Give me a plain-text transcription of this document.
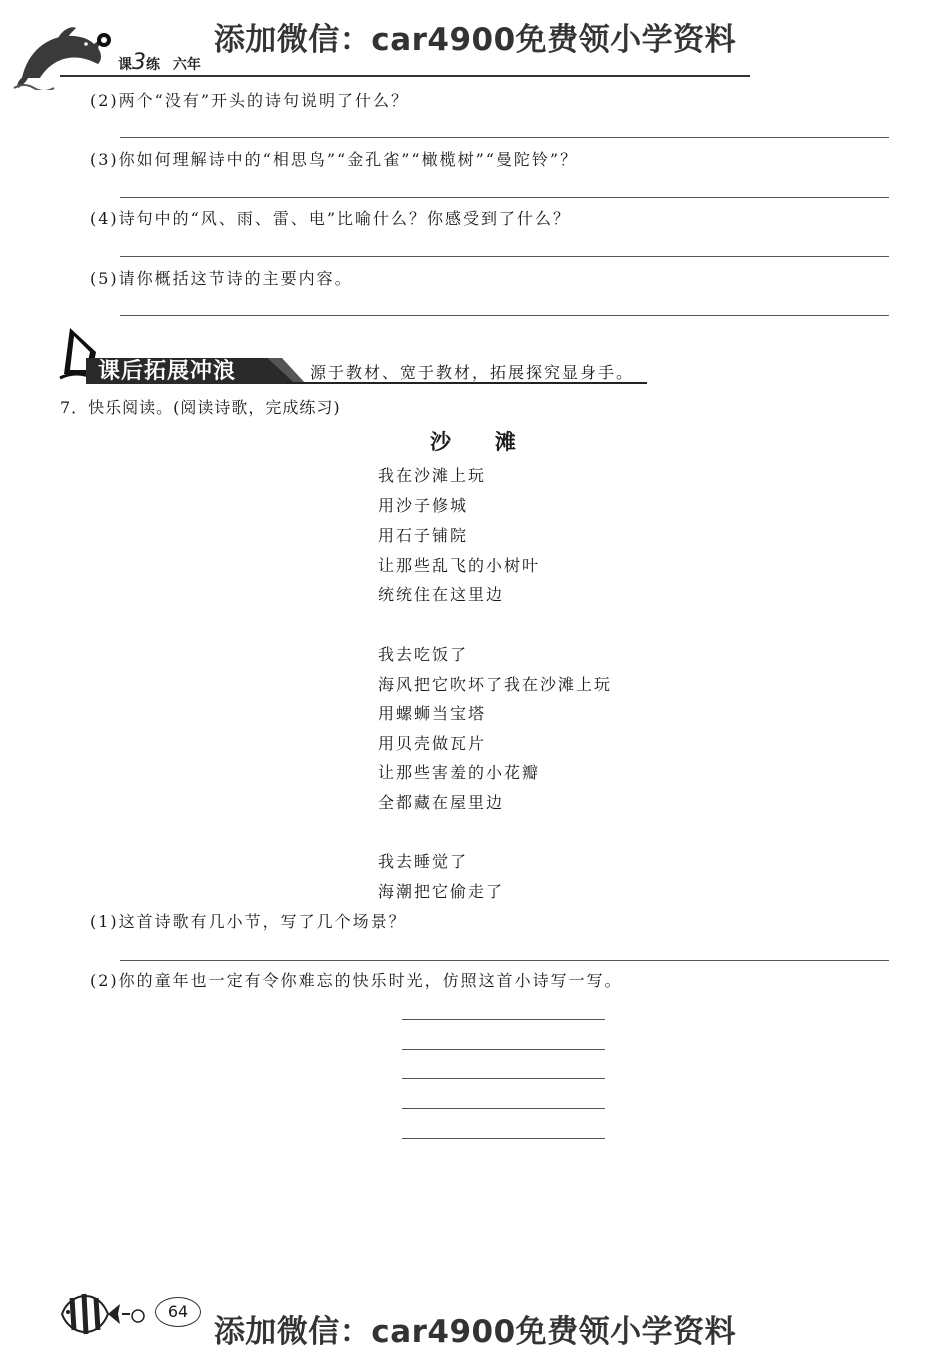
添加微信：car4900免费领小学资料
课3练 六年
(2)两个“没有”开头的诗句说明了什么？
(3)你如何理解诗中的“相思鸟”“金孔雀”“橄榄树”“曼陀铃”？
(4)诗句中的“风、雨、雷、电”比喻什么？你感受到了什么？
(5)请你概括这节诗的主要内容。
课后拓展冲浪	源于教材、宽于教材，拓展探究显身手。
7．快乐阅读。(阅读诗歌，完成练习)
沙      滩
我在沙滩上玩
用沙子修城
用石子铺院
让那些乱飞的小树叶
统统住在这里边
我去吃饭了
海风把它吹坏了我在沙滩上玩
用螺蛳当宝塔
用贝壳做瓦片
让那些害羞的小花瓣
全都藏在屋里边
我去睡觉了
海潮把它偷走了
(1)这首诗歌有几小节，写了几个场景？
(2)你的童年也一定有令你难忘的快乐时光，仿照这首小诗写一写。
64
添加微信：car4900免费领小学资料
